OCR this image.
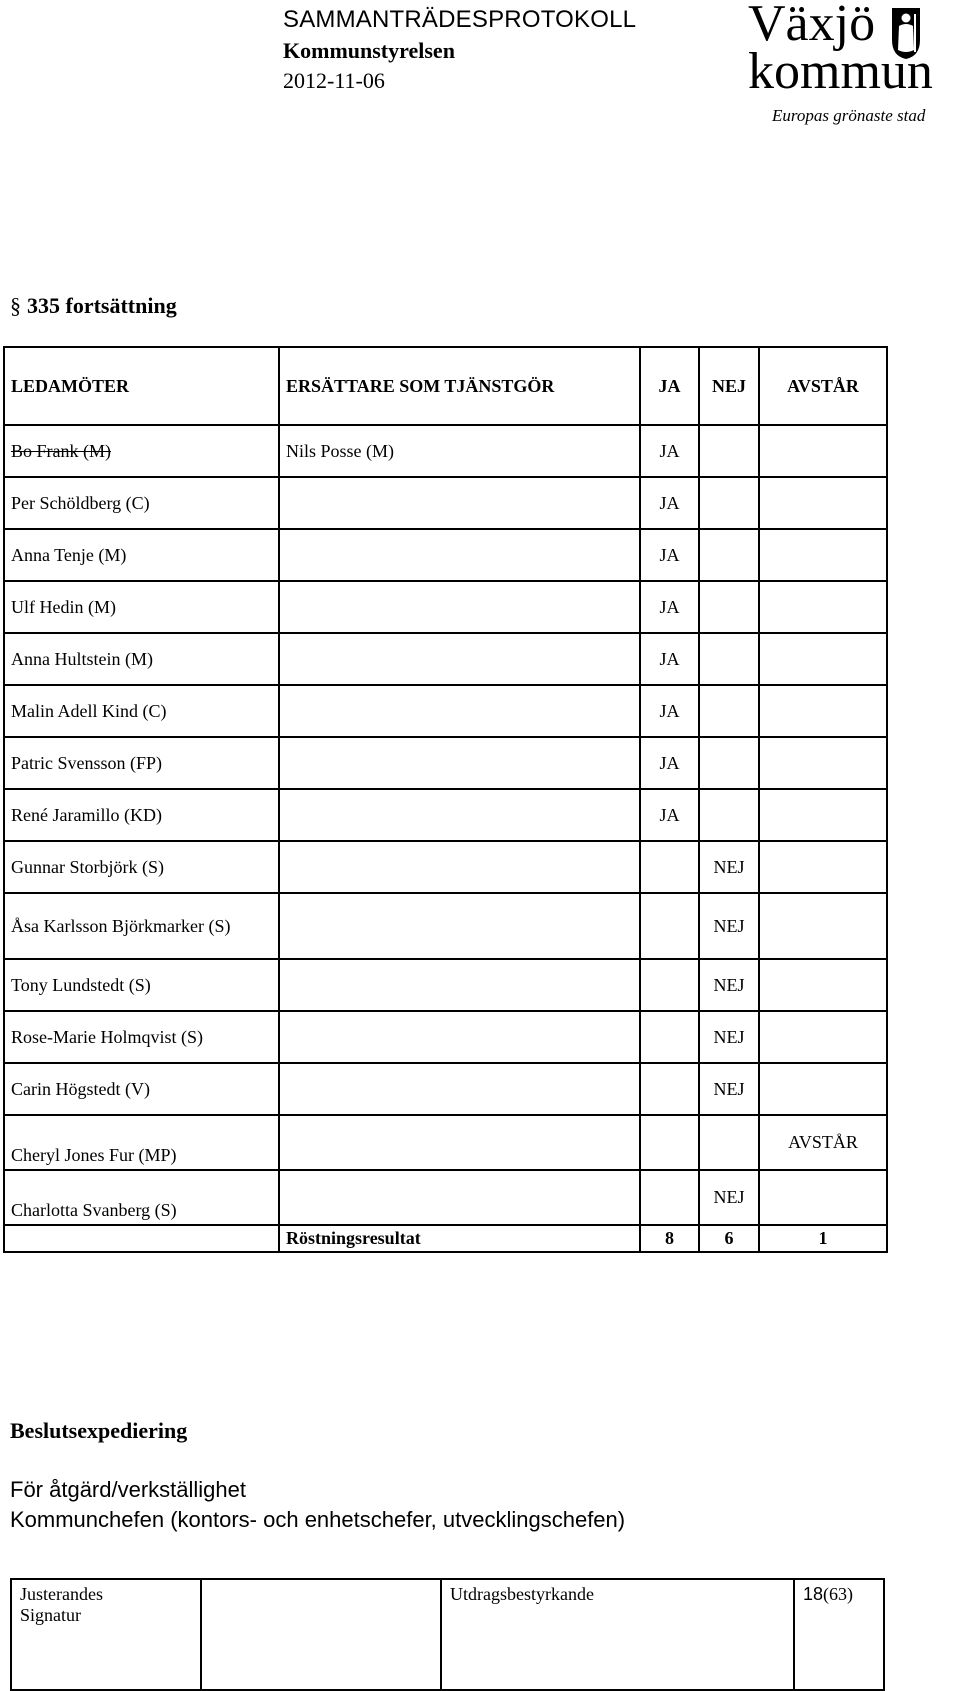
SAMMANTRÄDESPROTOKOLL
Kommunstyrelsen
2012-11-06
Växjö
kommun
Europas grönaste stad
§ 335 fortsättning
LEDAMÖTER	ERSÄTTARE SOM TJÄNSTGÖR	JA	NEJ	AVSTÅR
Bo Frank (M)	Nils Posse (M)	JA		
Per Schöldberg (C)		JA		
Anna Tenje (M)		JA		
Ulf Hedin (M)		JA		
Anna Hultstein (M)		JA		
Malin Adell Kind (C)		JA		
Patric Svensson (FP)		JA		
René Jaramillo (KD)		JA		
Gunnar Storbjörk (S)			NEJ	
Åsa Karlsson Björkmarker (S)			NEJ	
Tony Lundstedt (S)			NEJ	
Rose-Marie Holmqvist (S)			NEJ	
Carin Högstedt (V)			NEJ	
Cheryl Jones Fur (MP)				AVSTÅR
Charlotta Svanberg (S)			NEJ	
	Röstningsresultat	8	6	1
Beslutsexpediering
För åtgärd/verkställighet
Kommunchefen (kontors- och enhetschefer, utvecklingschefen)
Justerandes
Signatur

Utdragsbestyrkande	18(63)
